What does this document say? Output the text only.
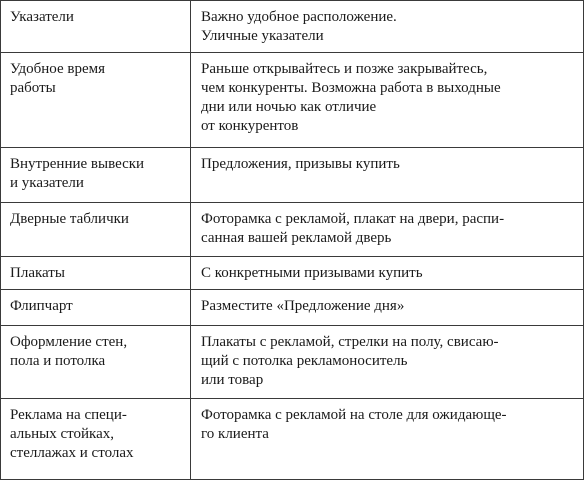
Указатели	Важно удобное расположение.
Уличные указатели

Удобное время
работы	Раньше открывайтесь и позже закрывайтесь,
чем конкуренты. Возможна работа в выходные
дни или ночью как отличие
от конкурентов

Внутренние вывески
и указатели	Предложения, призывы купить

Дверные таблички	Фоторамка с рекламой, плакат на двери, распи-
санная вашей рекламой дверь

Плакаты	С конкретными призывами купить

Флипчарт	Разместите «Предложение дня»

Оформление стен,
пола и потолка	Плакаты с рекламой, стрелки на полу, свисаю-
щий с потолка рекламоноситель
или товар

Реклама на специ-
альных стойках,
стеллажах и столах	Фоторамка с рекламой на столе для ожидающе-
го клиента
